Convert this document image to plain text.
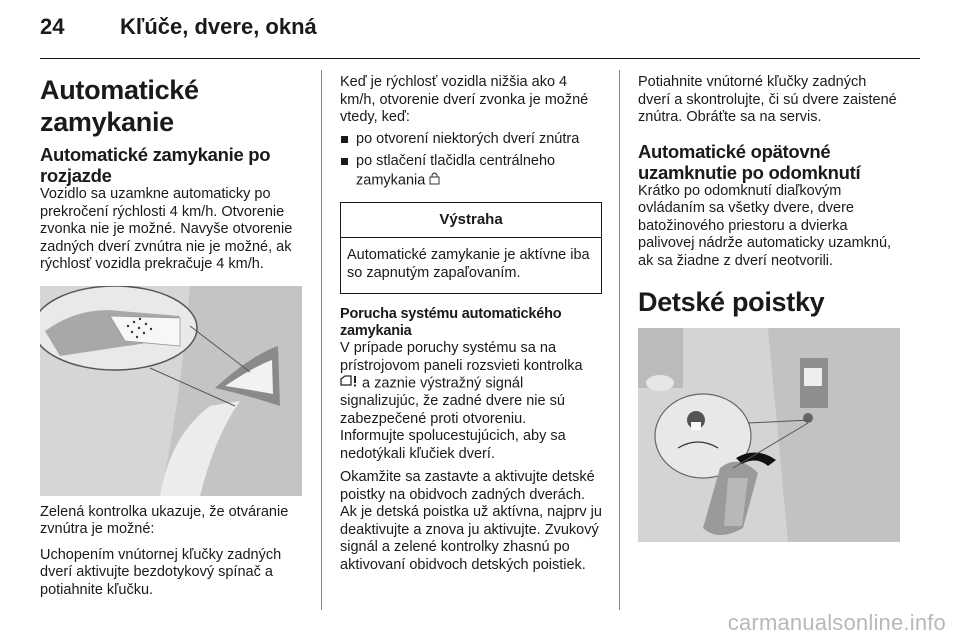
24	Kľúče, dvere, okná
Automatické zamykanie
Automatické zamykanie po rozjazde
Vozidlo sa uzamkne automaticky po prekročení rýchlosti 4 km/h. Otvorenie zvonka nie je možné. Navyše otvorenie zadných dverí zvnútra nie je možné, ak rýchlosť vozidla prekračuje 4 km/h.
Zelená kontrolka ukazuje, že otváranie zvnútra je možné:
Uchopením vnútornej kľučky zadných dverí aktivujte bezdotykový spínač a potiahnite kľučku.
Keď je rýchlosť vozidla nižšia ako 4 km/h, otvorenie dverí zvonka je možné vtedy, keď:
po otvorení niektorých dverí znútra
po stlačení tlačidla centrálneho zamykania
Výstraha
Automatické zamykanie je aktívne iba so zapnutým zapaľovaním.
Porucha systému automatického zamykania
V prípade poruchy systému sa na prístrojovom paneli rozsvieti kontrolka  a zaznie výstražný signál signalizujúc, že zadné dvere nie sú zabezpečené proti otvoreniu.
Informujte spolucestujúcich, aby sa nedotýkali kľučiek dverí.
Okamžite sa zastavte a aktivujte detské poistky na obidvoch zadných dverách. Ak je detská poistka už aktívna, najprv ju deaktivujte a znova ju aktivujte. Zvukový signál a zelené kontrolky zhasnú po aktivovaní obidvoch detských poistiek.
Potiahnite vnútorné kľučky zadných dverí a skontrolujte, či sú dvere zaistené znútra. Obráťte sa na servis.
Automatické opätovné uzamknutie po odomknutí
Krátko po odomknutí diaľkovým ovládaním sa všetky dvere, dvere batožinového priestoru a dvierka palivovej nádrže automaticky uzamknú, ak sa žiadne z dverí neotvorili.
Detské poistky
carmanualsonline.info
